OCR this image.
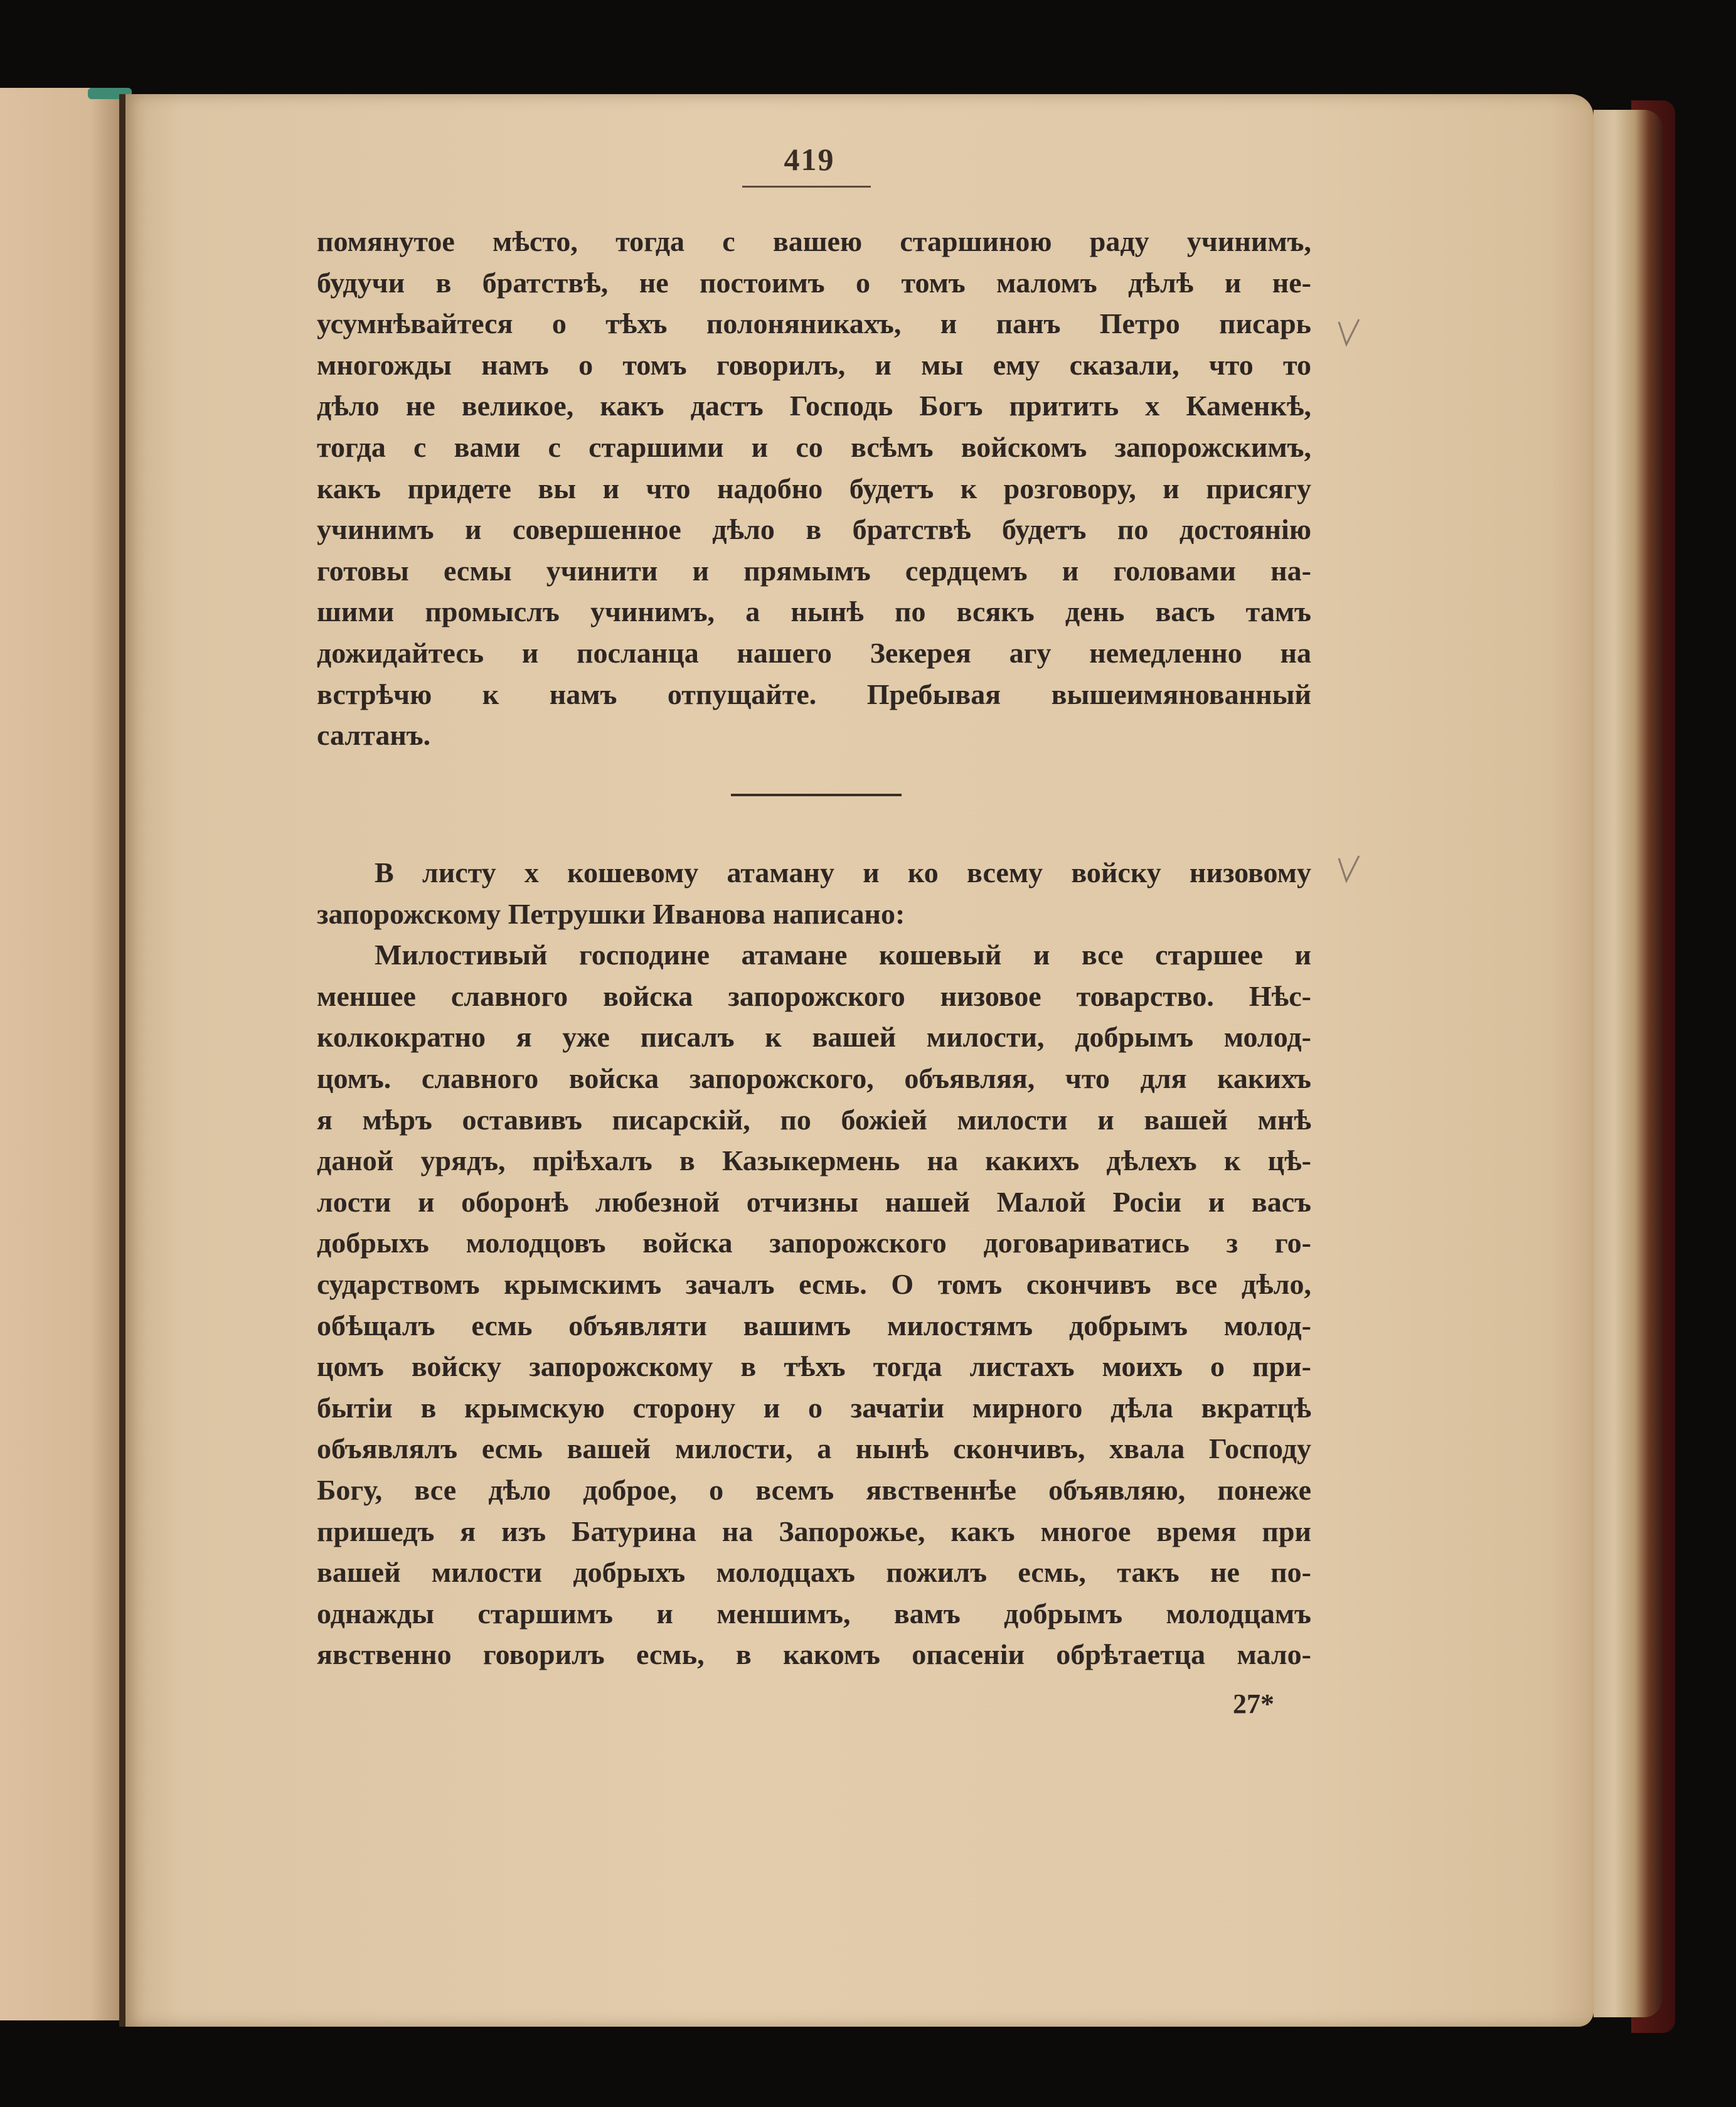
419
помянутое мѣсто, тогда с вашею старшиною раду учинимъ,
будучи в братствѣ, не постоимъ о томъ маломъ дѣлѣ и не-
усумнѣвайтеся о тѣхъ полоняникахъ, и панъ Петро писарь
многожды намъ о томъ говорилъ, и мы ему сказали, что то
дѣло не великое, какъ дастъ Господь Богъ притить х Каменкѣ,
тогда с вами с старшими и со всѣмъ войскомъ запорожскимъ,
какъ придете вы и что надобно будетъ к розговору, и присягу
учинимъ и совершенное дѣло в братствѣ будетъ по достоянiю
готовы есмы учинити и прямымъ сердцемъ и головами на-
шими промыслъ учинимъ, а нынѣ по всякъ день васъ тамъ
дожидайтесь и посланца нашего Зекерея агу немедленно на
встрѣчю к намъ отпущайте. Пребывая вышеимянованный
салтанъ.
В листу х кошевому атаману и ко всему войску низовому
запорожскому Петрушки Иванова написано:
Милостивый господине атамане кошевый и все старшее и
меншее славного войска запорожского низовое товарство. Нѣс-
колкократно я уже писалъ к вашей милости, добрымъ молод-
цомъ. славного войска запорожского, объявляя, что для какихъ
я мѣръ оставивъ писарскiй, по божiей милости и вашей мнѣ
даной урядъ, прiѣхалъ в Казыкермень на какихъ дѣлехъ к цѣ-
лости и оборонѣ любезной отчизны нашей Малой Росiи и васъ
добрыхъ молодцовъ войска запорожского договариватись з го-
сударствомъ крымскимъ зачалъ есмь. О томъ скончивъ все дѣло,
обѣщалъ есмь объявляти вашимъ милостямъ добрымъ молод-
цомъ войску запорожскому в тѣхъ тогда листахъ моихъ о при-
бытiи в крымскую сторону и о зачатiи мирного дѣла вкратцѣ
объявлялъ есмь вашей милости, а нынѣ скончивъ, хвала Господу
Богу, все дѣло доброе, о всемъ явственнѣе объявляю, понеже
пришедъ я изъ Батурина на Запорожье, какъ многое время при
вашей милости добрыхъ молодцахъ пожилъ есмь, такъ не по-
однажды старшимъ и меншимъ, вамъ добрымъ молодцамъ
явственно говорилъ есмь, в какомъ опасенiи обрѣтаетца мало-
27*
